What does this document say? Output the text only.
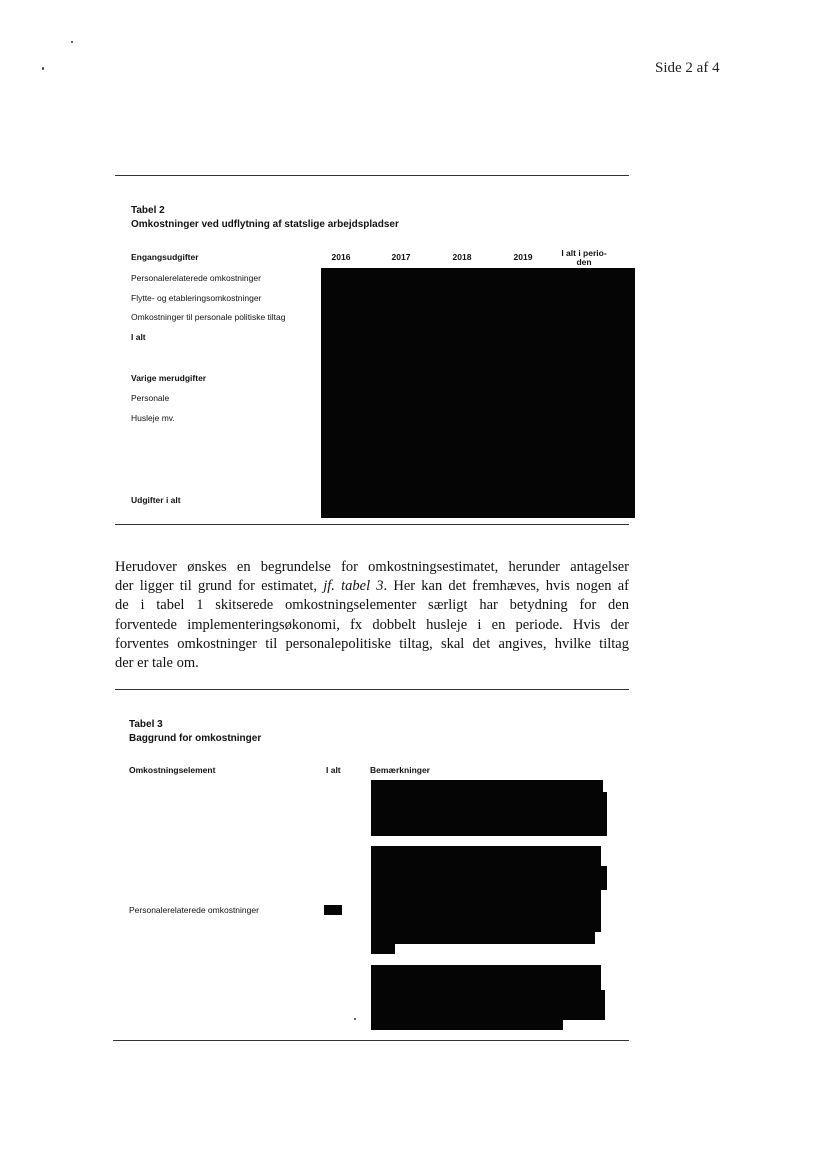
Side 2 af 4
Tabel 2
Omkostninger ved udflytning af statslige arbejdspladser
Engangsudgifter	2016	2017	2018	2019	I alt i perio-
den
Personalerelaterede omkostninger
Flytte- og etableringsomkostninger
Omkostninger til personale politiske tiltag
I alt
Varige merudgifter
Personale
Husleje mv.
Udgifter i alt
Herudover ønskes en begrundelse for omkostningsestimatet, herunder antagelser
der ligger til grund for estimatet, jf. tabel 3. Her kan det fremhæves, hvis nogen af
de i tabel 1 skitserede omkostningselementer særligt har betydning for den
forventede implementeringsøkonomi, fx dobbelt husleje i en periode. Hvis der
forventes omkostninger til personalepolitiske tiltag, skal det angives, hvilke tiltag
der er tale om.
Tabel 3
Baggrund for omkostninger
Omkostningselement	I alt	Bemærkninger
Personalerelaterede omkostninger
